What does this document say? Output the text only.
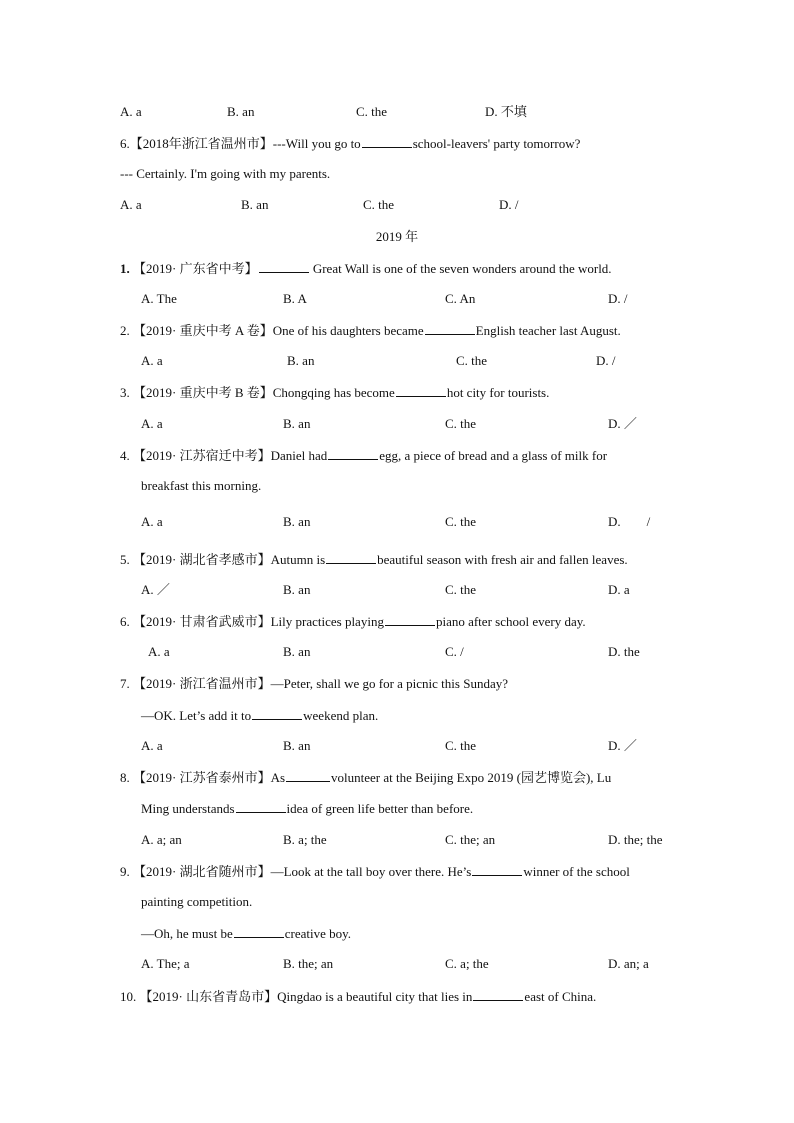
A. a	B. an	C. the	D. 不填
6.【2018年浙江省温州市】---Will you go to	school-leavers' party tomorrow?
--- Certainly. I'm going with my parents.
A. a	B. an	C. the	D. /
2019 年
1. 【2019· 广东省中考】	Great Wall is one of the seven wonders around the world.
A. The	B. A	C. An	D. /
2. 【2019· 重庆中考 A 卷】One of his daughters became	English teacher last August.
A. a	B. an	C. the	D. /
3. 【2019· 重庆中考 B 卷】Chongqing has become	hot city for tourists.
A. a	B. an	C. the	D. ／
4. 【2019· 江苏宿迁中考】Daniel had	egg, a piece of bread and a glass of milk for
breakfast this morning.
A. a	B. an	C. the	D.        /
5. 【2019· 湖北省孝感市】Autumn is	beautiful season with fresh air and fallen leaves.
A. ／	B. an	C. the	D. a
6. 【2019· 甘肃省武威市】Lily practices playing	piano after school every day.
A. a	B. an	C. /	D. the
7. 【2019· 浙江省温州市】—Peter, shall we go for a picnic this Sunday?
—OK. Let’s add it to	weekend plan.
A. a	B. an	C. the	D. ／
8. 【2019· 江苏省泰州市】As	volunteer at the Beijing Expo 2019 (园艺博览会), Lu
Ming understands	idea of green life better than before.
A. a; an	B. a; the	C. the; an	D. the; the
9. 【2019· 湖北省随州市】—Look at the tall boy over there. He’s	winner of the school
painting competition.
—Oh, he must be	creative boy.
A. The; a	B. the; an	C. a; the	D. an; a
10. 【2019· 山东省青岛市】Qingdao is a beautiful city that lies in	east of China.
